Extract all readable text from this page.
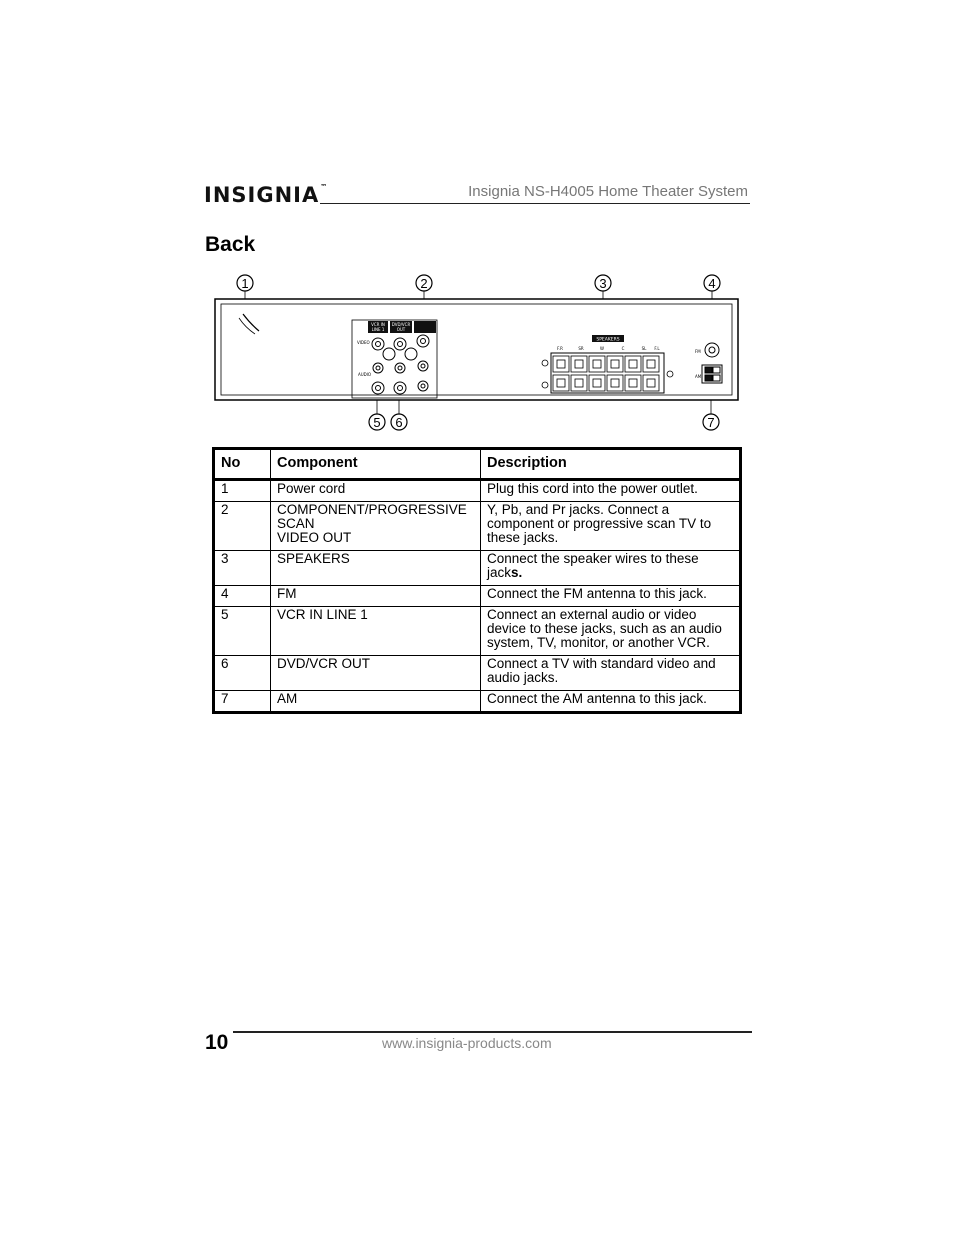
INSIGNIA™	Insignia NS-H4005 Home Theater System
Back
1	2	3	4
5 6	7
VCR IN
LINE 1
DVD/VCR
OUT
VIDEO
AUDIO
SPEAKERS
F.R	SR	W	C	SL F.L
FM
AM
No	Component	Description
1	Power cord	Plug this cord into the power outlet.
2	COMPONENT/PROGRESSIVE
SCAN
VIDEO OUT	Y, Pb, and Pr jacks. Connect a component or progressive scan TV to these jacks.
3	SPEAKERS	Connect the speaker wires to these jacks.
4	FM	Connect the FM antenna to this jack.
5	VCR IN LINE 1	Connect an external audio or video device to these jacks, such as an audio system, TV, monitor, or another VCR.
6	DVD/VCR OUT	Connect a TV with standard video and audio jacks.
7	AM	Connect the AM antenna to this jack.
10	www.insignia-products.com
